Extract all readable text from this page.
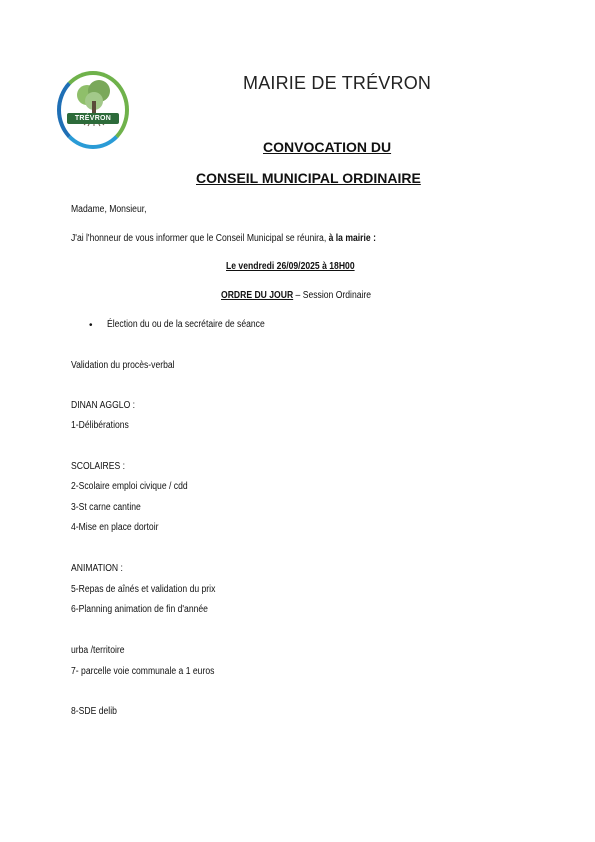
TRÉVRON
MAIRIE DE TRÉVRON
CONVOCATION DU
CONSEIL MUNICIPAL ORDINAIRE
Madame, Monsieur,
J'ai l'honneur de vous informer que le Conseil Municipal se réunira, à la mairie :
Le vendredi 26/09/2025 à 18H00
ORDRE DU JOUR – Session Ordinaire
• Élection du ou de la secrétaire de séance
Validation du procès-verbal
DINAN AGGLO :
1-Délibérations
SCOLAIRES :
2-Scolaire emploi civique / cdd
3-St carne cantine
4-Mise en place dortoir
ANIMATION :
5-Repas de aînés et validation du prix
6-Planning animation de fin d'année
urba /territoire
7- parcelle voie communale a 1 euros
8-SDE delib
